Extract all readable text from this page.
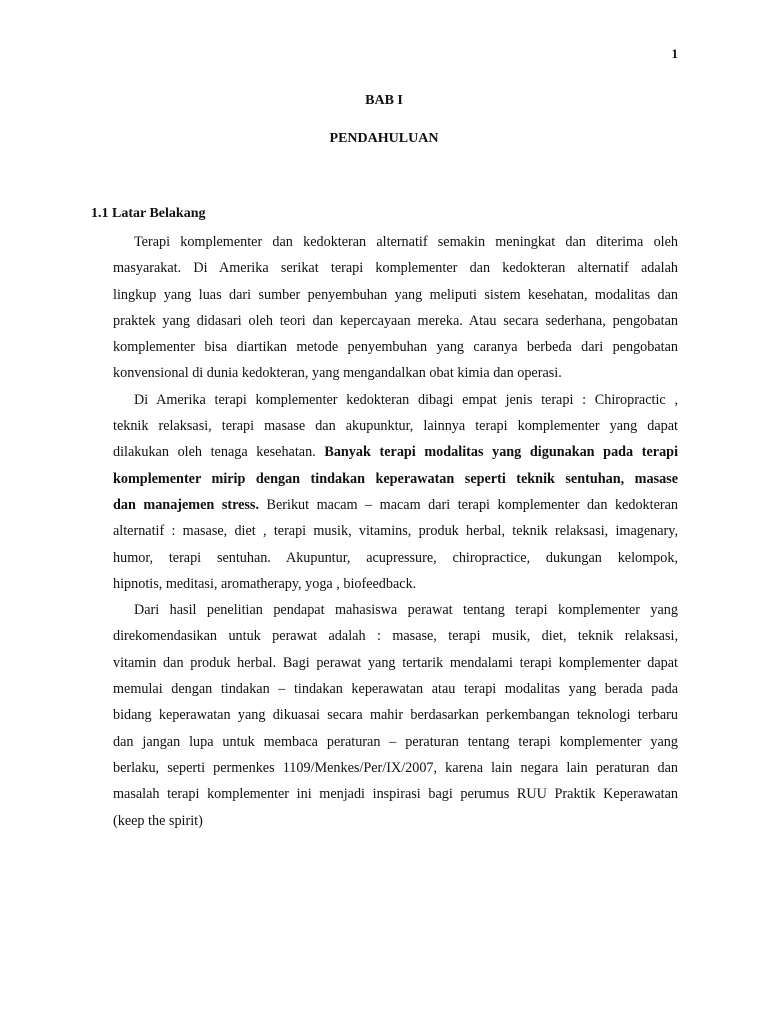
1
BAB I
PENDAHULUAN
1.1 Latar Belakang
Terapi komplementer dan kedokteran alternatif semakin meningkat dan diterima oleh
masyarakat. Di Amerika serikat terapi komplementer dan kedokteran alternatif adalah
lingkup yang luas dari sumber penyembuhan yang meliputi sistem kesehatan, modalitas dan
praktek yang didasari oleh teori dan kepercayaan mereka. Atau secara sederhana, pengobatan
komplementer bisa diartikan metode penyembuhan yang caranya berbeda dari pengobatan
konvensional di dunia kedokteran, yang mengandalkan obat kimia dan operasi.
Di Amerika terapi komplementer kedokteran dibagi empat jenis terapi : Chiropractic ,
teknik relaksasi, terapi masase dan akupunktur, lainnya terapi komplementer yang dapat
dilakukan oleh tenaga kesehatan. Banyak terapi modalitas yang digunakan pada terapi
komplementer mirip dengan tindakan keperawatan seperti teknik sentuhan, masase
dan manajemen stress. Berikut macam – macam dari terapi komplementer dan kedokteran
alternatif : masase, diet , terapi musik, vitamins, produk herbal, teknik relaksasi, imagenary,
humor, terapi sentuhan. Akupuntur, acupressure, chiropractice, dukungan kelompok,
hipnotis, meditasi, aromatherapy, yoga , biofeedback.
Dari hasil penelitian pendapat mahasiswa perawat tentang terapi komplementer yang
direkomendasikan untuk perawat adalah : masase, terapi musik, diet, teknik relaksasi,
vitamin dan produk herbal. Bagi perawat yang tertarik mendalami terapi komplementer dapat
memulai dengan tindakan – tindakan keperawatan atau terapi modalitas yang berada pada
bidang keperawatan yang dikuasai secara mahir berdasarkan perkembangan teknologi terbaru
dan jangan lupa untuk membaca peraturan – peraturan tentang terapi komplementer yang
berlaku, seperti permenkes 1109/Menkes/Per/IX/2007, karena lain negara lain peraturan dan
masalah terapi komplementer ini menjadi inspirasi bagi perumus RUU Praktik Keperawatan
(keep the spirit)
